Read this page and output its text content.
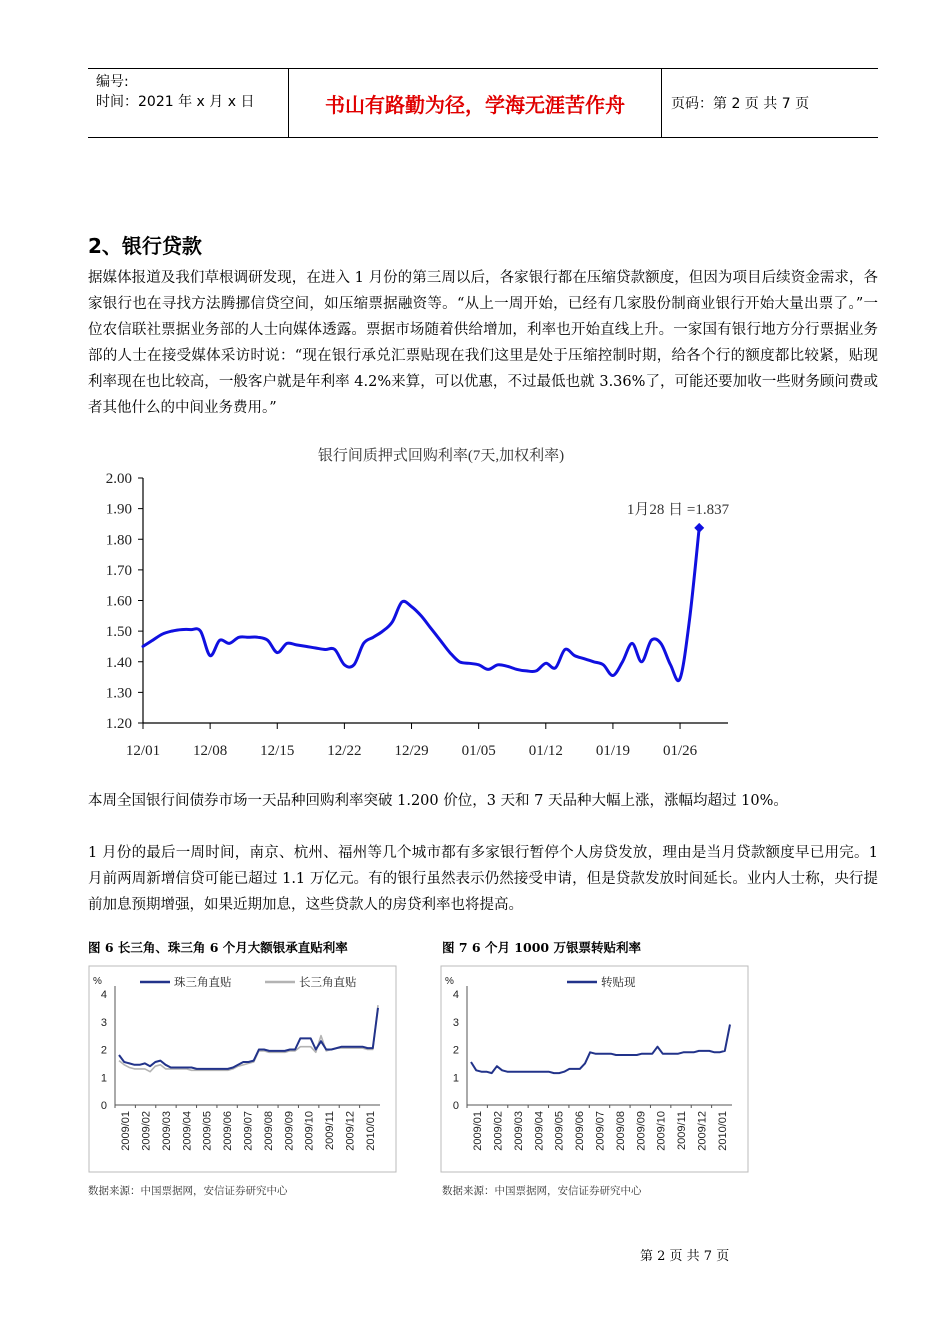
编号:
时间：2021 年 x 月 x 日	书山有路勤为径，学海无涯苦作舟	页码：第 2 页 共 7 页
2、银行贷款
据媒体报道及我们草根调研发现，在进入 1 月份的第三周以后，各家银行都在压缩贷款额度，但因为项目后续资金需求，各家银行也在寻找方法腾挪信贷空间，如压缩票据融资等。“从上一周开始，已经有几家股份制商业银行开始大量出票了。”一位农信联社票据业务部的人士向媒体透露。票据市场随着供给增加，利率也开始直线上升。一家国有银行地方分行票据业务部的人士在接受媒体采访时说：“现在银行承兑汇票贴现在我们这里是处于压缩控制时期，给各个行的额度都比较紧，贴现利率现在也比较高，一般客户就是年利率 4.2%来算，可以优惠，不过最低也就 3.36%了，可能还要加收一些财务顾问费或者其他什么的中间业务费用。”
银行间质押式回购利率(7天,加权利率)
2.00
1.90
1.80
1.70
1.60
1.50
1.40
1.30
1.20
12/01 12/08 12/15 12/22 12/29 01/05 01/12 01/19 01/26
1月28 日 =1.837
本周全国银行间债券市场一天品种回购利率突破 1.200 价位，3 天和 7 天品种大幅上涨，涨幅均超过 10%。
1 月份的最后一周时间，南京、杭州、福州等几个城市都有多家银行暂停个人房贷发放，理由是当月贷款额度早已用完。1 月前两周新增信贷可能已超过 1.1 万亿元。有的银行虽然表示仍然接受申请，但是贷款发放时间延长。业内人士称，央行提前加息预期增强，如果近期加息，这些贷款人的房贷利率也将提高。
图 6 长三角、珠三角 6 个月大额银承直贴利率	图 7 6 个月 1000 万银票转贴利率
%
4
3
2
1
0
2009/01 2009/02 2009/03 2009/04 2009/05 2009/06 2009/07 2009/08 2009/09 2009/10 2009/11 2009/12 2010/01
珠三角直贴	长三角直贴	%
4
3
2
1
0
2009/01 2009/02 2009/03 2009/04 2009/05 2009/06 2009/07 2009/08 2009/09 2009/10 2009/11 2009/12 2010/01
转贴现
数据来源：中国票据网，安信证券研究中心	数据来源：中国票据网，安信证券研究中心
第 2 页 共 7 页
